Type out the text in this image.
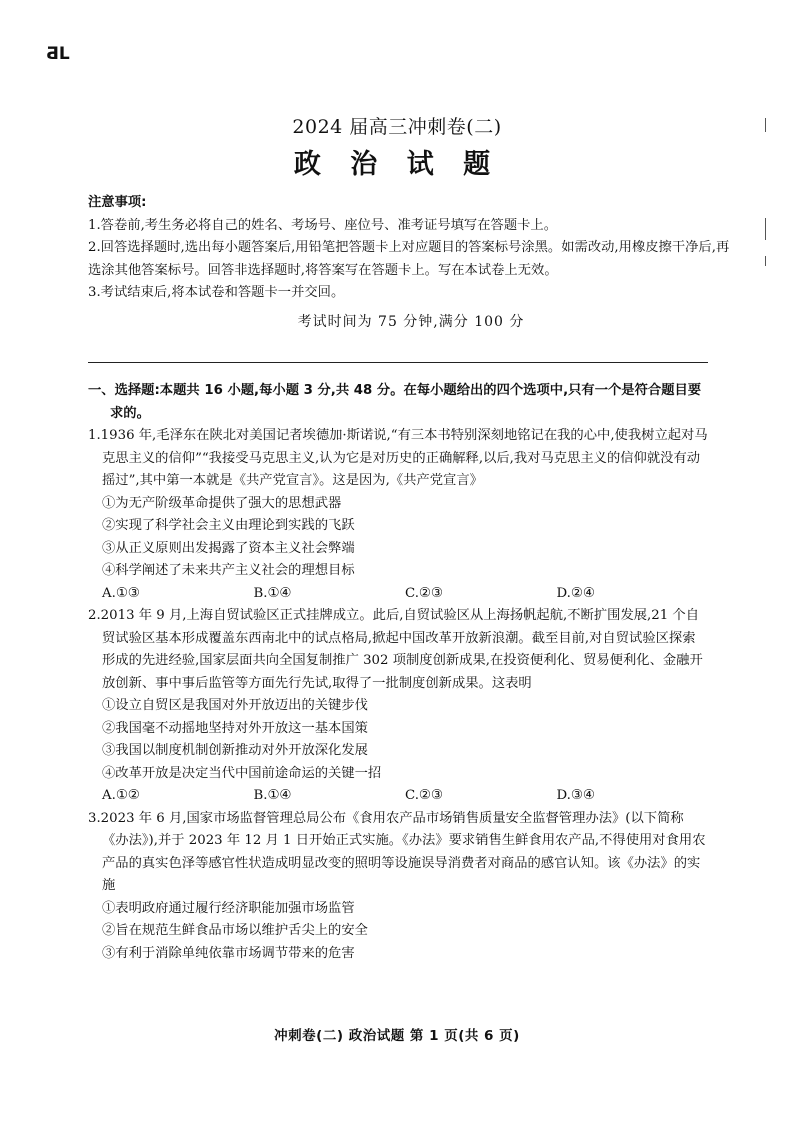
ƋL
2024 届高三冲刺卷(二)
政 治 试 题

注意事项:

1.答卷前,考生务必将自己的姓名、考场号、座位号、准考证号填写在答题卡上。

2.回答选择题时,选出每小题答案后,用铅笔把答题卡上对应题目的答案标号涂黑。如需改动,用橡皮擦干净后,再选涂其他答案标号。回答非选择题时,将答案写在答题卡上。写在本试卷上无效。

3.考试结束后,将本试卷和答题卡一并交回。

考试时间为 75 分钟,满分 100 分

一、选择题:本题共 16 小题,每小题 3 分,共 48 分。在每小题给出的四个选项中,只有一个是符合题目要求的。

1.1936 年,毛泽东在陕北对美国记者埃德加·斯诺说,“有三本书特别深刻地铭记在我的心中,使我树立起对马克思主义的信仰”“我接受马克思主义,认为它是对历史的正确解释,以后,我对马克思主义的信仰就没有动摇过”,其中第一本就是《共产党宣言》。这是因为,《共产党宣言》

①为无产阶级革命提供了强大的思想武器

②实现了科学社会主义由理论到实践的飞跃

③从正义原则出发揭露了资本主义社会弊端

④科学阐述了未来共产主义社会的理想目标

A.①③	B.①④	C.②③	D.②④

2.2013 年 9 月,上海自贸试验区正式挂牌成立。此后,自贸试验区从上海扬帆起航,不断扩围发展,21 个自贸试验区基本形成覆盖东西南北中的试点格局,掀起中国改革开放新浪潮。截至目前,对自贸试验区探索形成的先进经验,国家层面共向全国复制推广 302 项制度创新成果,在投资便利化、贸易便利化、金融开放创新、事中事后监管等方面先行先试,取得了一批制度创新成果。这表明

①设立自贸区是我国对外开放迈出的关键步伐

②我国毫不动摇地坚持对外开放这一基本国策

③我国以制度机制创新推动对外开放深化发展

④改革开放是决定当代中国前途命运的关键一招

A.①②	B.①④	C.②③	D.③④

3.2023 年 6 月,国家市场监督管理总局公布《食用农产品市场销售质量安全监督管理办法》(以下简称《办法》),并于 2023 年 12 月 1 日开始正式实施。《办法》要求销售生鲜食用农产品,不得使用对食用农产品的真实色泽等感官性状造成明显改变的照明等设施误导消费者对商品的感官认知。该《办法》的实施

①表明政府通过履行经济职能加强市场监管

②旨在规范生鲜食品市场以维护舌尖上的安全

③有利于消除单纯依靠市场调节带来的危害

冲刺卷(二) 政治试题 第 1 页(共 6 页)
